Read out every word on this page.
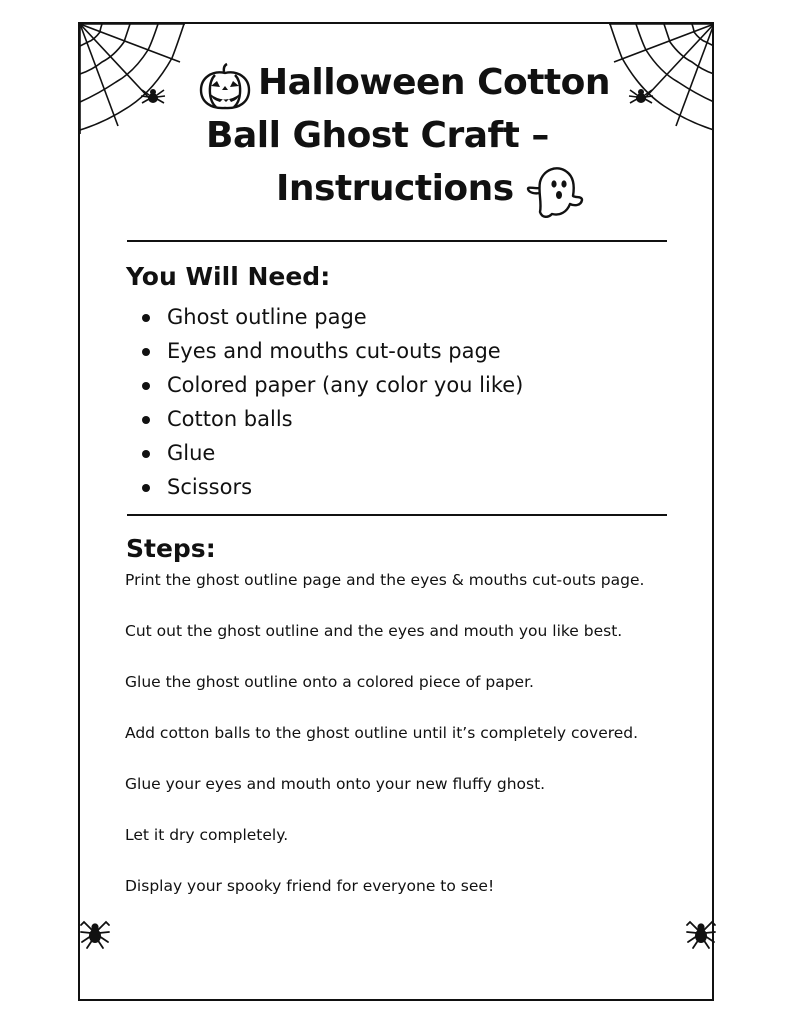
Halloween Cotton
Ball Ghost Craft –
Instructions
You Will Need:
Ghost outline page
Eyes and mouths cut-outs page
Colored paper (any color you like)
Cotton balls
Glue
Scissors
Steps:

Print the ghost outline page and the eyes & mouths cut-outs page.

Cut out the ghost outline and the eyes and mouth you like best.

Glue the ghost outline onto a colored piece of paper.

Add cotton balls to the ghost outline until it’s completely covered.

Glue your eyes and mouth onto your new fluffy ghost.

Let it dry completely.

Display your spooky friend for everyone to see!
